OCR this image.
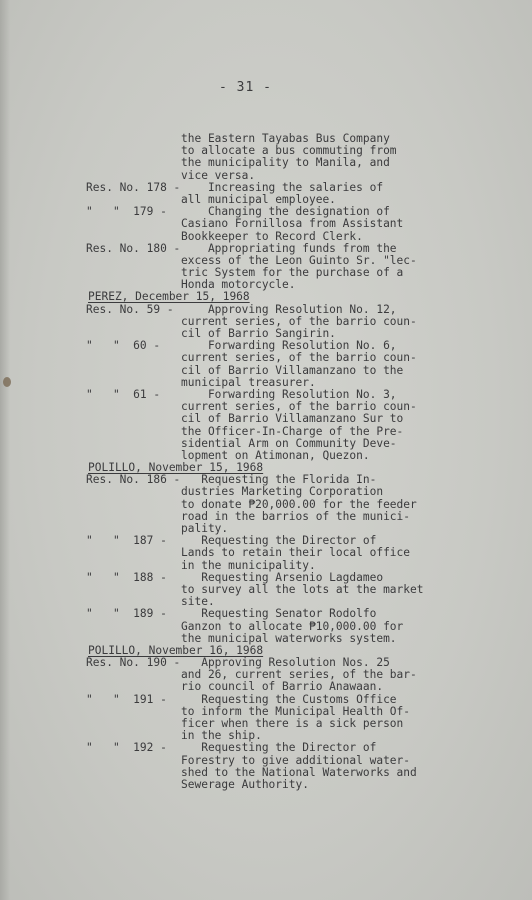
- 31 -
the Eastern Tayabas Bus Company
to allocate a bus commuting from
the municipality to Manila, and
vice versa.
Res. No. 178 - Increasing the salaries of
all municipal employee.
"   "  179 - Changing the designation of
Casiano Fornillosa from Assistant
Bookkeeper to Record Clerk.
Res. No. 180 - Appropriating funds from the
excess of the Leon Guinto Sr. "lec-
tric System for the purchase of a
Honda motorcycle.
PEREZ, December 15, 1968
Res. No. 59 - Approving Resolution No. 12,
current series, of the barrio coun-
cil of Barrio Sangirin.
"   "  60 - Forwarding Resolution No. 6,
current series, of the barrio coun-
cil of Barrio Villamanzano to the
municipal treasurer.
"   "  61 - Forwarding Resolution No. 3,
current series, of the barrio coun-
cil of Barrio Villamanzano Sur to
the Officer-In-Charge of the Pre-
sidential Arm on Community Deve-
lopment on Atimonan, Quezon.
POLILLO, November 15, 1968
Res. No. 186 - Requesting the Florida In-
dustries Marketing Corporation
to donate ₱20,000.00 for the feeder
road in the barrios of the munici-
pality.
"   "  187 - Requesting the Director of
Lands to retain their local office
in the municipality.
"   "  188 - Requesting Arsenio Lagdameo
to survey all the lots at the market
site.
"   "  189 - Requesting Senator Rodolfo
Ganzon to allocate ₱10,000.00 for
the municipal waterworks system.
POLILLO, November 16, 1968
Res. No. 190 - Approving Resolution Nos. 25
and 26, current series, of the bar-
rio council of Barrio Anawaan.
"   "  191 - Requesting the Customs Office
to inform the Municipal Health Of-
ficer when there is a sick person
in the ship.
"   "  192 - Requesting the Director of
Forestry to give additional water-
shed to the National Waterworks and
Sewerage Authority.
